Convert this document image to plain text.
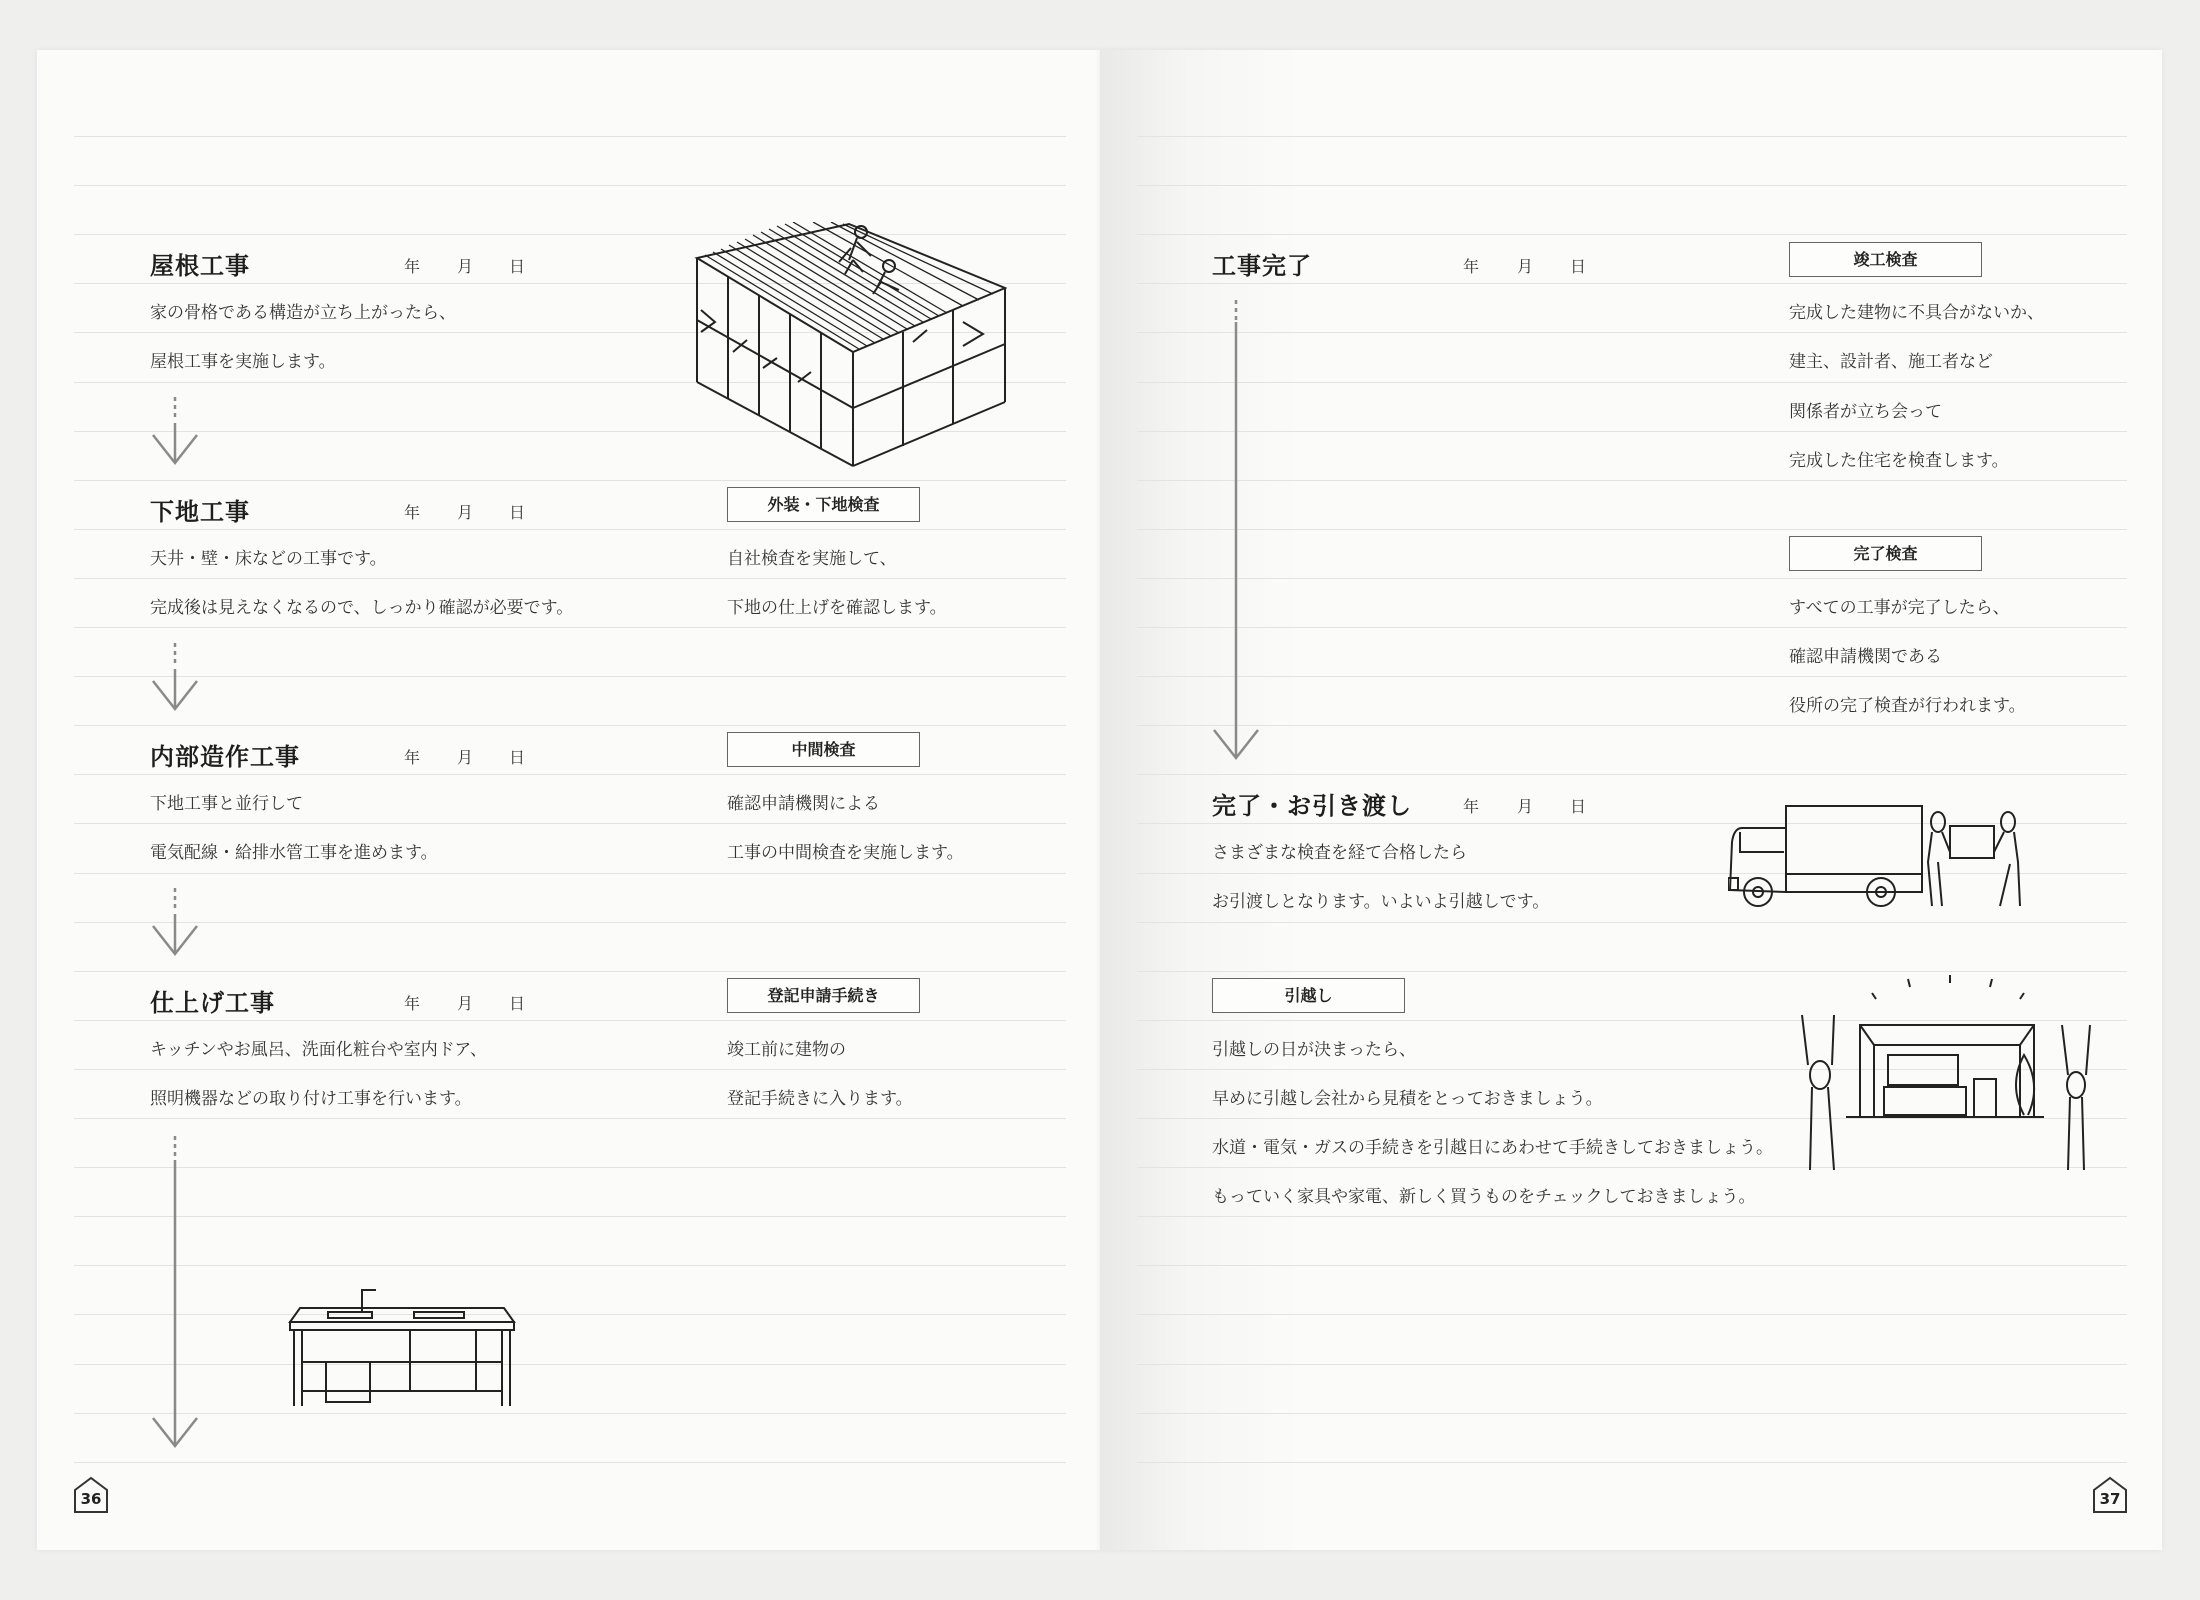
屋根工事	年 月 日
家の骨格である構造が立ち上がったら、
屋根工事を実施します。
下地工事	年 月 日	外装・下地検査
天井・壁・床などの工事です。
完成後は見えなくなるので、しっかり確認が必要です。
自社検査を実施して、
下地の仕上げを確認します。
内部造作工事	年 月 日	中間検査
下地工事と並行して
電気配線・給排水管工事を進めます。
確認申請機関による
工事の中間検査を実施します。
仕上げ工事	年 月 日	登記申請手続き
キッチンやお風呂、洗面化粧台や室内ドア、
照明機器などの取り付け工事を行います。
竣工前に建物の
登記手続きに入ります。
36
工事完了	年 月 日	竣工検査
完成した建物に不具合がないか、
建主、設計者、施工者など
関係者が立ち会って
完成した住宅を検査します。
完了検査
すべての工事が完了したら、
確認申請機関である
役所の完了検査が行われます。
完了・お引き渡し	年 月 日
さまざまな検査を経て合格したら
お引渡しとなります。いよいよ引越しです。
引越し
引越しの日が決まったら、
早めに引越し会社から見積をとっておきましょう。
水道・電気・ガスの手続きを引越日にあわせて手続きしておきましょう。
もっていく家具や家電、新しく買うものをチェックしておきましょう。
37
